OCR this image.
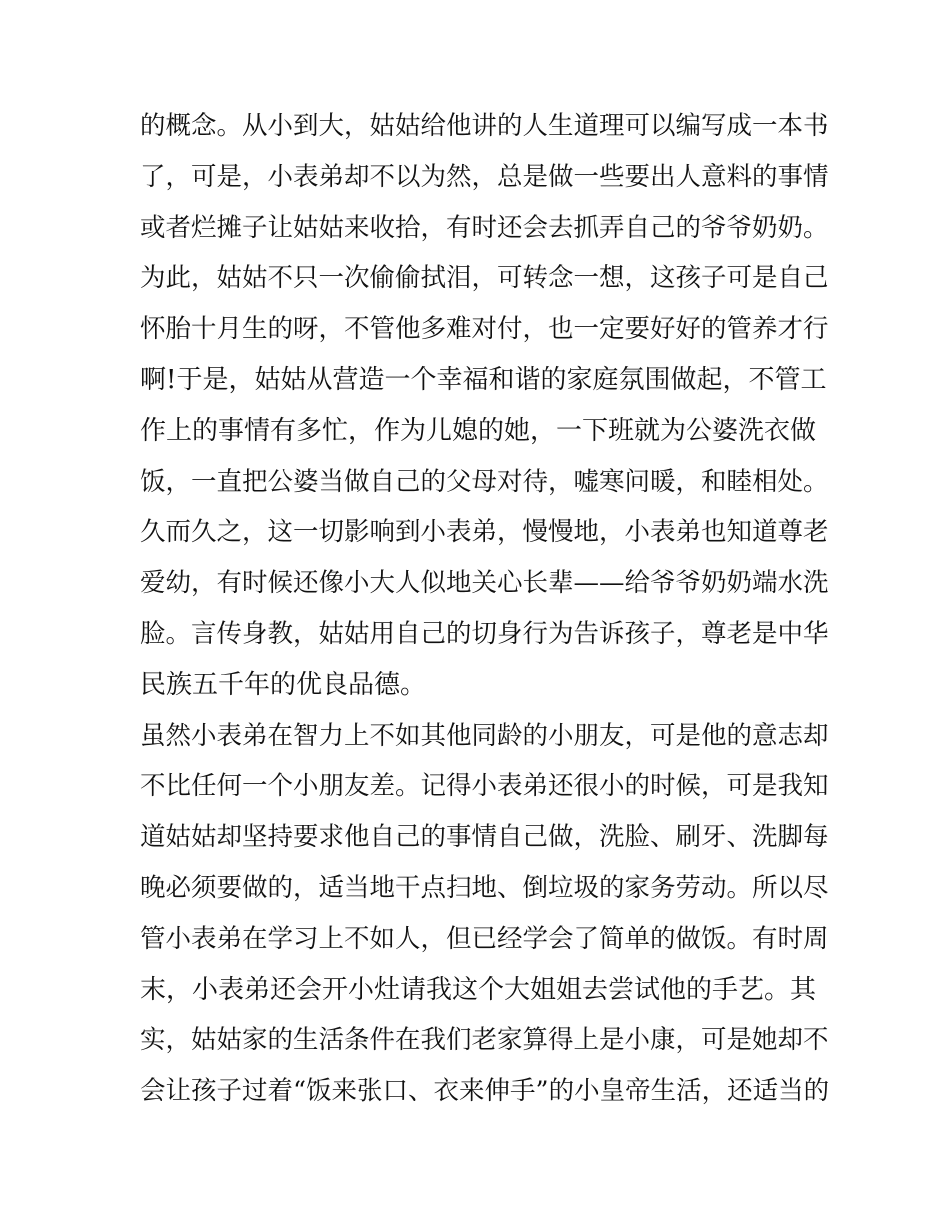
的概念。从小到大，姑姑给他讲的人生道理可以编写成一本书
了，可是，小表弟却不以为然，总是做一些要出人意料的事情
或者烂摊子让姑姑来收拾，有时还会去抓弄自己的爷爷奶奶。
为此，姑姑不只一次偷偷拭泪，可转念一想，这孩子可是自己
怀胎十月生的呀，不管他多难对付，也一定要好好的管养才行
啊!于是，姑姑从营造一个幸福和谐的家庭氛围做起，不管工
作上的事情有多忙，作为儿媳的她，一下班就为公婆洗衣做
饭，一直把公婆当做自己的父母对待，嘘寒问暖，和睦相处。
久而久之，这一切影响到小表弟，慢慢地，小表弟也知道尊老
爱幼，有时候还像小大人似地关心长辈——给爷爷奶奶端水洗
脸。言传身教，姑姑用自己的切身行为告诉孩子，尊老是中华
民族五千年的优良品德。
虽然小表弟在智力上不如其他同龄的小朋友，可是他的意志却
不比任何一个小朋友差。记得小表弟还很小的时候，可是我知
道姑姑却坚持要求他自己的事情自己做，洗脸、刷牙、洗脚每
晚必须要做的，适当地干点扫地、倒垃圾的家务劳动。所以尽
管小表弟在学习上不如人，但已经学会了简单的做饭。有时周
末，小表弟还会开小灶请我这个大姐姐去尝试他的手艺。其
实，姑姑家的生活条件在我们老家算得上是小康，可是她却不
会让孩子过着“饭来张口、衣来伸手”的小皇帝生活，还适当的
